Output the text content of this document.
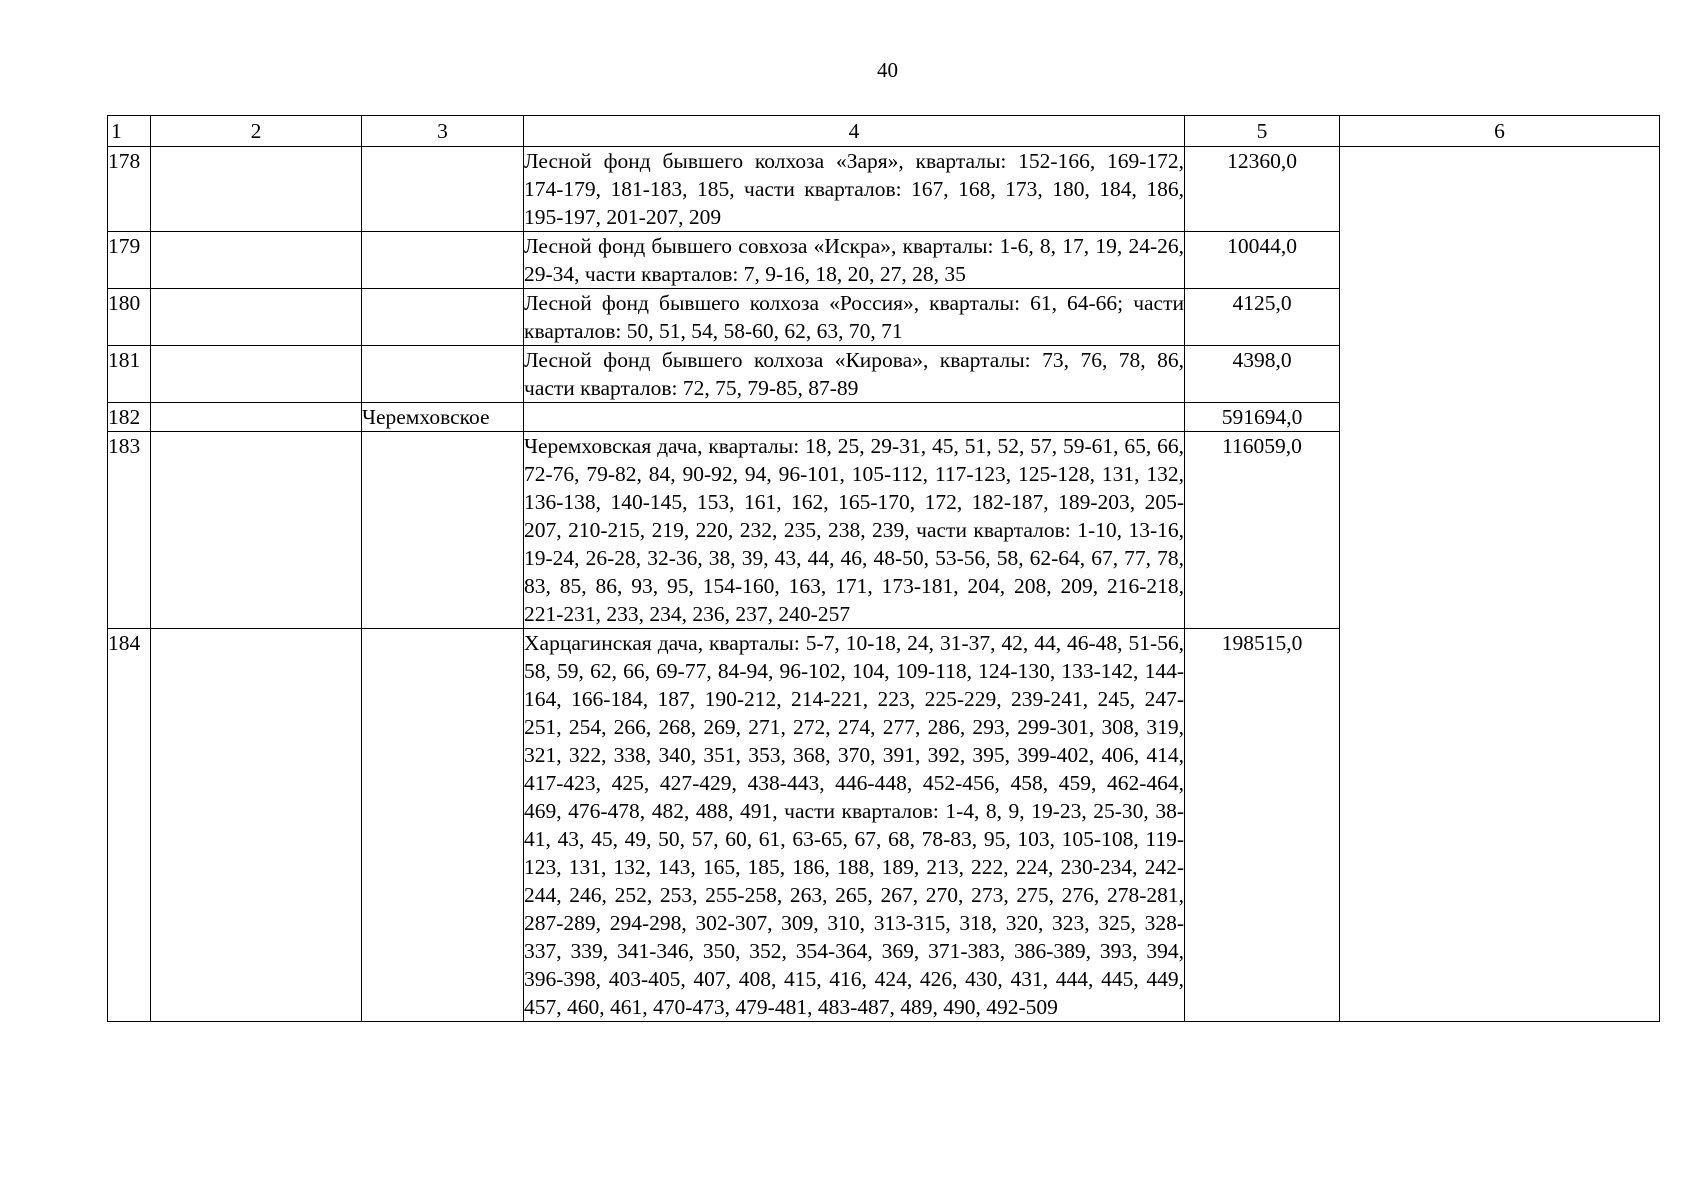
40
1	2	3	4	5	6
178			Лесной фонд бывшего колхоза «Заря», кварталы: 152-166, 169-172, 174-179, 181-183, 185, части кварталов: 167, 168, 173, 180, 184, 186, 195-197, 201-207, 209	12360,0	
179			Лесной фонд бывшего совхоза «Искра», кварталы: 1-6, 8, 17, 19, 24-26, 29-34, части кварталов: 7, 9-16, 18, 20, 27, 28, 35	10044,0	
180			Лесной фонд бывшего колхоза «Россия», кварталы: 61, 64-66; части кварталов: 50, 51, 54, 58-60, 62, 63, 70, 71	4125,0	
181			Лесной фонд бывшего колхоза «Кирова», кварталы: 73, 76, 78, 86, части кварталов: 72, 75, 79-85, 87-89	4398,0	
182		Черемховское		591694,0	
183			Черемховская дача, кварталы: 18, 25, 29-31, 45, 51, 52, 57, 59-61, 65, 66, 72-76, 79-82, 84, 90-92, 94, 96-101, 105-112, 117-123, 125-128, 131, 132, 136-138, 140-145, 153, 161, 162, 165-170, 172, 182-187, 189-203, 205-207, 210-215, 219, 220, 232, 235, 238, 239, части кварталов: 1-10, 13-16, 19-24, 26-28, 32-36, 38, 39, 43, 44, 46, 48-50, 53-56, 58, 62-64, 67, 77, 78, 83, 85, 86, 93, 95, 154-160, 163, 171, 173-181, 204, 208, 209, 216-218, 221-231, 233, 234, 236, 237, 240-257	116059,0	
184			Харцагинская дача, кварталы: 5-7, 10-18, 24, 31-37, 42, 44, 46-48, 51-56, 58, 59, 62, 66, 69-77, 84-94, 96-102, 104, 109-118, 124-130, 133-142, 144-164, 166-184, 187, 190-212, 214-221, 223, 225-229, 239-241, 245, 247-251, 254, 266, 268, 269, 271, 272, 274, 277, 286, 293, 299-301, 308, 319, 321, 322, 338, 340, 351, 353, 368, 370, 391, 392, 395, 399-402, 406, 414, 417-423, 425, 427-429, 438-443, 446-448, 452-456, 458, 459, 462-464, 469, 476-478, 482, 488, 491, части кварталов: 1-4, 8, 9, 19-23, 25-30, 38-41, 43, 45, 49, 50, 57, 60, 61, 63-65, 67, 68, 78-83, 95, 103, 105-108, 119-123, 131, 132, 143, 165, 185, 186, 188, 189, 213, 222, 224, 230-234, 242-244, 246, 252, 253, 255-258, 263, 265, 267, 270, 273, 275, 276, 278-281, 287-289, 294-298, 302-307, 309, 310, 313-315, 318, 320, 323, 325, 328-337, 339, 341-346, 350, 352, 354-364, 369, 371-383, 386-389, 393, 394, 396-398, 403-405, 407, 408, 415, 416, 424, 426, 430, 431, 444, 445, 449, 457, 460, 461, 470-473, 479-481, 483-487, 489, 490, 492-509	198515,0	
